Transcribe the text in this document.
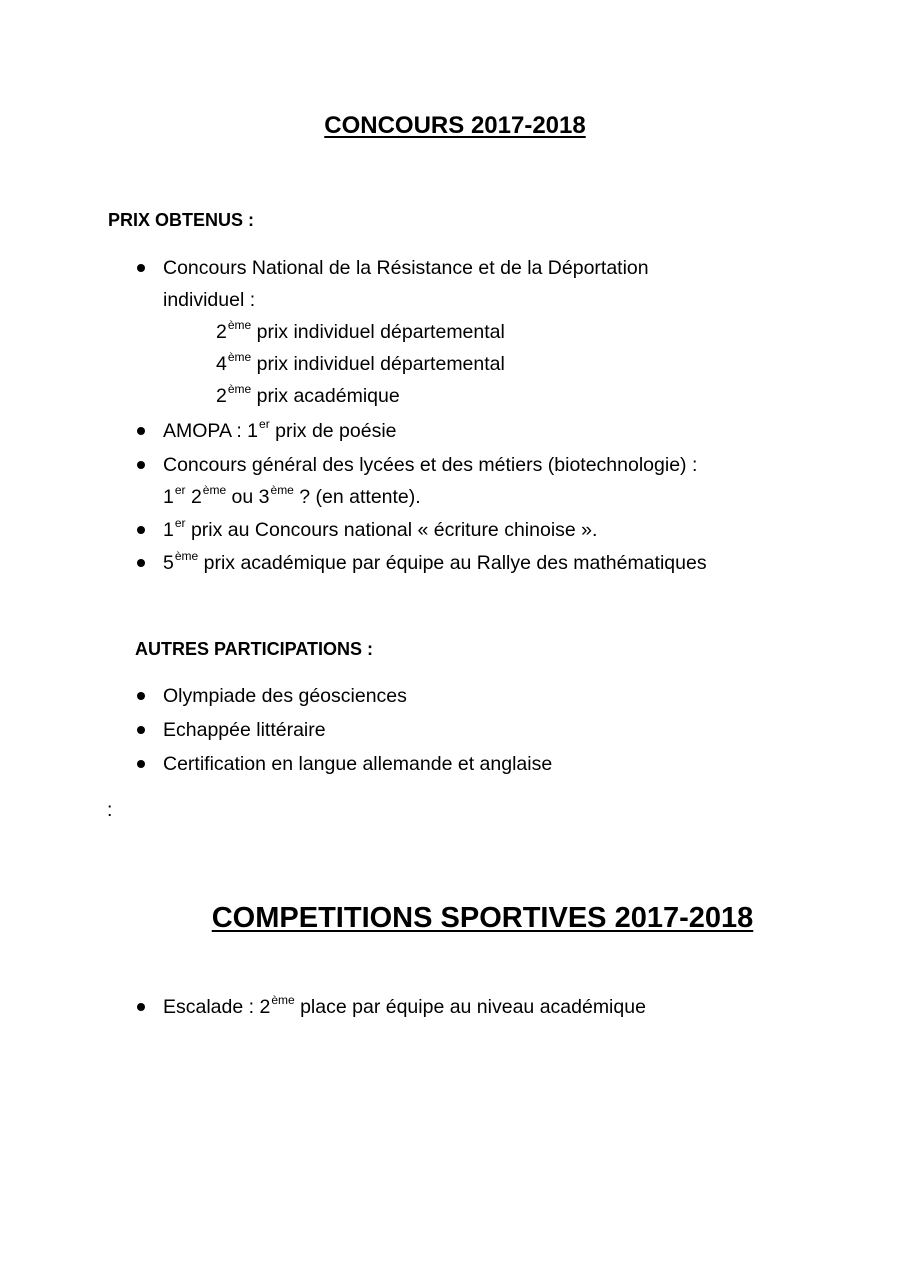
CONCOURS 2017-2018
PRIX OBTENUS :
Concours National de la Résistance et de la Déportation
individuel :
2ème prix individuel départemental
4ème prix individuel départemental
2ème prix académique
AMOPA : 1er prix de poésie
Concours général des lycées et des métiers (biotechnologie) :
1er 2ème ou 3ème ? (en attente).
1er prix au Concours national « écriture chinoise ».
5ème prix académique par équipe au Rallye des mathématiques
AUTRES PARTICIPATIONS :
Olympiade des géosciences
Echappée littéraire
Certification en langue allemande et anglaise
:
COMPETITIONS SPORTIVES 2017-2018
Escalade : 2ème place par équipe au niveau académique
